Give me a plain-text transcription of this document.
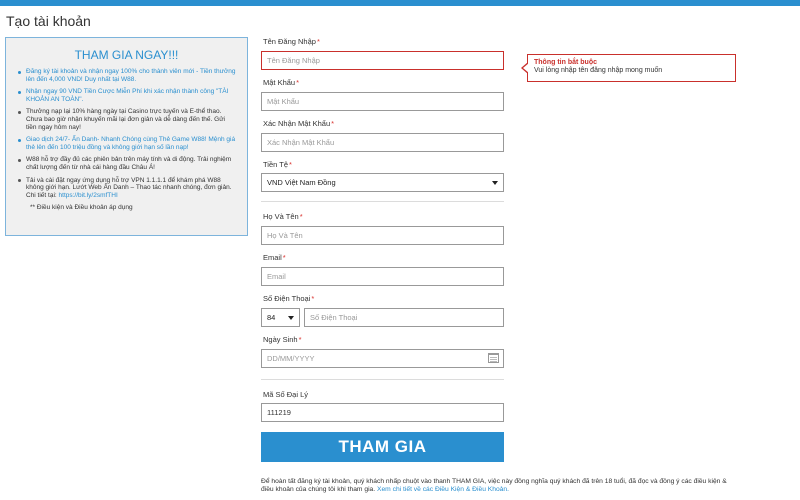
Tạo tài khoản
THAM GIA NGAY!!!
Đăng ký tài khoản và nhận ngay 100% cho thành viên mới - Tiền thưởng lên đến 4,000 VND! Duy nhất tại W88.
Nhận ngay 90 VND Tiền Cược Miễn Phí khi xác nhận thành công "TÀI KHOẢN AN TOÀN".
Thưởng nạp lại 10% hàng ngày tại Casino trực tuyến và E-thể thao. Chưa bao giờ nhận khuyến mãi lại đơn giản và dễ dàng đến thế. Gửi tiền ngay hôm nay!
Giao dịch 24/7- Ẩn Danh- Nhanh Chóng cùng Thẻ Game W88! Mệnh giá thẻ lên đến 100 triệu đồng và không giới hạn số lần nạp!
W88 hỗ trợ đầy đủ các phiên bản trên máy tính và di động. Trải nghiệm chất lượng đến từ nhà cái hàng đầu Châu Á!
Tải và cài đặt ngay ứng dụng hỗ trợ VPN 1.1.1.1 để khám phá W88 không giới hạn. Lướt Web Ẩn Danh – Thao tác nhanh chóng, đơn giản. Chi tiết tại: https://bit.ly/2smfTHI
** Điều kiện và Điều khoản áp dụng
Tên Đăng Nhập*
Tên Đăng Nhập
Thông tin bắt buộc
Vui lòng nhập tên đăng nhập mong muốn
Mật Khẩu*
Mật Khẩu
Xác Nhận Mật Khẩu*
Xác Nhận Mật Khẩu
Tiền Tệ*
VND Việt Nam Đồng
Họ Và Tên*
Họ Và Tên
Email*
Email
Số Điện Thoại*
84
Số Điện Thoại
Ngày Sinh*
DD/MM/YYYY
Mã Số Đại Lý
111219
THAM GIA
Để hoàn tất đăng ký tài khoản, quý khách nhấp chuột vào thanh THAM GIA, việc này đồng nghĩa quý khách đã trên 18 tuổi, đã đọc và đồng ý các điều kiện & điều khoản của chúng tôi khi tham gia. Xem chi tiết về các Điều Kiện & Điều Khoản.
